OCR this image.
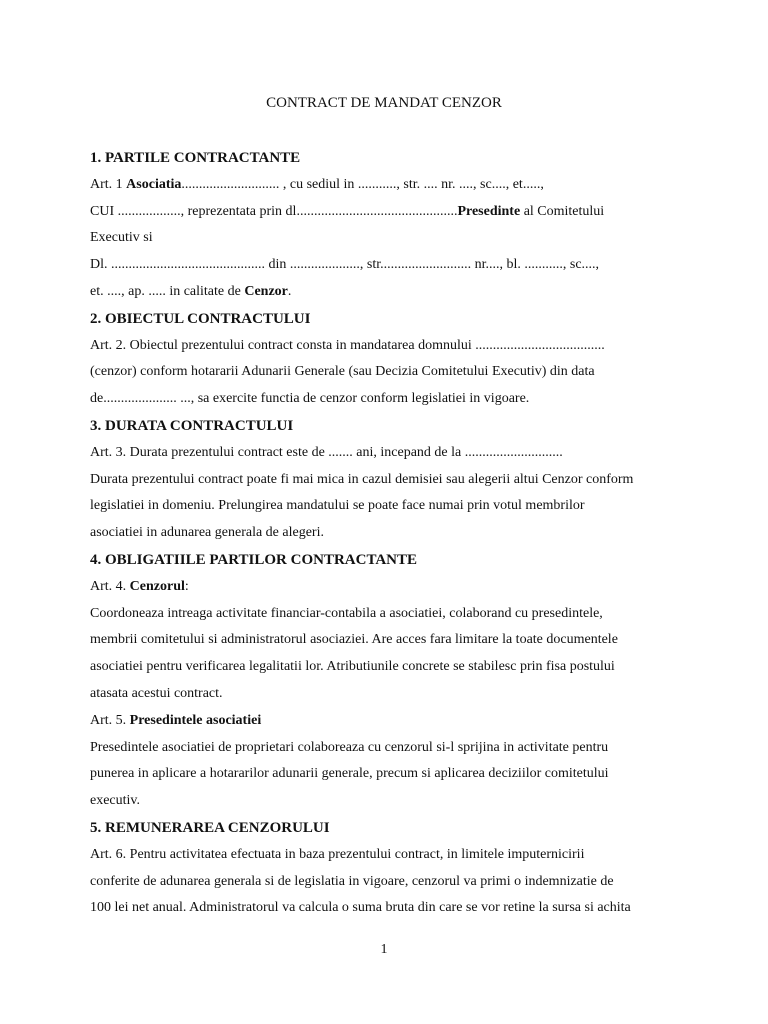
CONTRACT DE MANDAT CENZOR
1. PARTILE CONTRACTANTE
Art. 1 Asociatia............................ , cu sediul in ..........., str. .... nr. ...., sc...., et.....,
CUI .................., reprezentata prin dl..............................................Presedinte al Comitetului
Executiv si
Dl. ............................................ din ...................., str.......................... nr...., bl. ..........., sc....,
et. ...., ap. ..... in calitate de Cenzor.
2. OBIECTUL CONTRACTULUI
Art. 2. Obiectul prezentului contract consta in mandatarea domnului .....................................
(cenzor) conform hotararii Adunarii Generale (sau Decizia Comitetului Executiv) din data
de..................... ..., sa exercite functia de cenzor conform legislatiei in vigoare.
3. DURATA CONTRACTULUI
Art. 3. Durata prezentului contract este de ....... ani, incepand de la ............................
Durata prezentului contract poate fi mai mica in cazul demisiei sau alegerii altui Cenzor conform
legislatiei in domeniu. Prelungirea mandatului se poate face numai prin votul membrilor
asociatiei in adunarea generala de alegeri.
4. OBLIGATIILE PARTILOR CONTRACTANTE
Art. 4. Cenzorul:
Coordoneaza intreaga activitate financiar-contabila a asociatiei, colaborand cu presedintele,
membrii comitetului si administratorul asociaziei. Are acces fara limitare la toate documentele
asociatiei pentru verificarea legalitatii lor. Atributiunile concrete se stabilesc prin fisa postului
atasata acestui contract.
Art. 5. Presedintele asociatiei
Presedintele asociatiei de proprietari colaboreaza cu cenzorul si-l sprijina in activitate pentru
punerea in aplicare a hotararilor adunarii generale, precum si aplicarea deciziilor comitetului
executiv.
5. REMUNERAREA CENZORULUI
Art. 6. Pentru activitatea efectuata in baza prezentului contract, in limitele imputernicirii
conferite de adunarea generala si de legislatia in vigoare, cenzorul va primi o indemnizatie de
100 lei net anual. Administratorul va calcula o suma bruta din care se vor retine la sursa si achita
1
